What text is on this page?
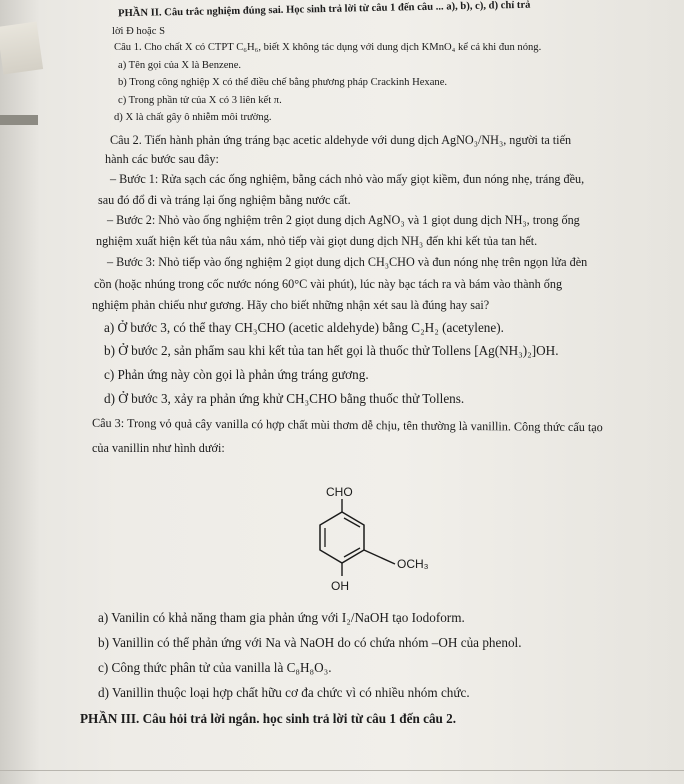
PHẦN II. Câu trắc nghiệm đúng sai. Học sinh trả lời từ câu 1 đến câu ... a), b), c), d) chỉ trả
lời Đ hoặc S
Câu 1. Cho chất X có CTPT C₆H₆, biết X không tác dụng với dung dịch KMnO₄ kể cả khi đun nóng.
a) Tên gọi của X là Benzene.
b) Trong công nghiệp X có thể điều chế bằng phương pháp Crackinh Hexane.
c) Trong phần tử của X có 3 liên kết π.
d) X là chất gây ô nhiễm môi trường.
Câu 2. Tiến hành phản ứng tráng bạc acetic aldehyde với dung dịch AgNO₃/NH₃, người ta tiến
hành các bước sau đây:
– Bước 1: Rửa sạch các ống nghiệm, bằng cách nhỏ vào mấy giọt kiềm, đun nóng nhẹ, tráng đều,
sau đó đổ đi và tráng lại ống nghiệm bằng nước cất.
– Bước 2: Nhỏ vào ống nghiệm trên 2 giọt dung dịch AgNO₃ và 1 giọt dung dịch NH₃, trong ống
nghiệm xuất hiện kết tủa nâu xám, nhỏ tiếp vài giọt dung dịch NH₃ đến khi kết tủa tan hết.
– Bước 3: Nhỏ tiếp vào ống nghiệm 2 giọt dung dịch CH₃CHO và đun nóng nhẹ trên ngọn lửa đèn
cồn (hoặc nhúng trong cốc nước nóng 60°C vài phút), lúc này bạc tách ra và bám vào thành ống
nghiệm phản chiếu như gương. Hãy cho biết những nhận xét sau là đúng hay sai?
a) Ở bước 3, có thể thay CH₃CHO (acetic aldehyde) bằng C₂H₂ (acetylene).
b) Ở bước 2, sản phẩm sau khi kết tủa tan hết gọi là thuốc thử Tollens [Ag(NH₃)₂]OH.
c) Phản ứng này còn gọi là phản ứng tráng gương.
d) Ở bước 3, xảy ra phản ứng khử CH₃CHO bằng thuốc thử Tollens.
Câu 3: Trong vỏ quả cây vanilla có hợp chất mùi thơm dễ chịu, tên thường là vanillin. Công thức cấu tạo
của vanillin như hình dưới:
CHO
OCH₃
OH
a) Vanilin có khả năng tham gia phản ứng với I₂/NaOH tạo Iodoform.
b) Vanillin có thể phản ứng với Na và NaOH do có chứa nhóm –OH của phenol.
c) Công thức phân tử của vanilla là C₈H₈O₃.
d) Vanillin thuộc loại hợp chất hữu cơ đa chức vì có nhiều nhóm chức.
PHẦN III. Câu hỏi trả lời ngắn. học sinh trả lời từ câu 1 đến câu 2.
